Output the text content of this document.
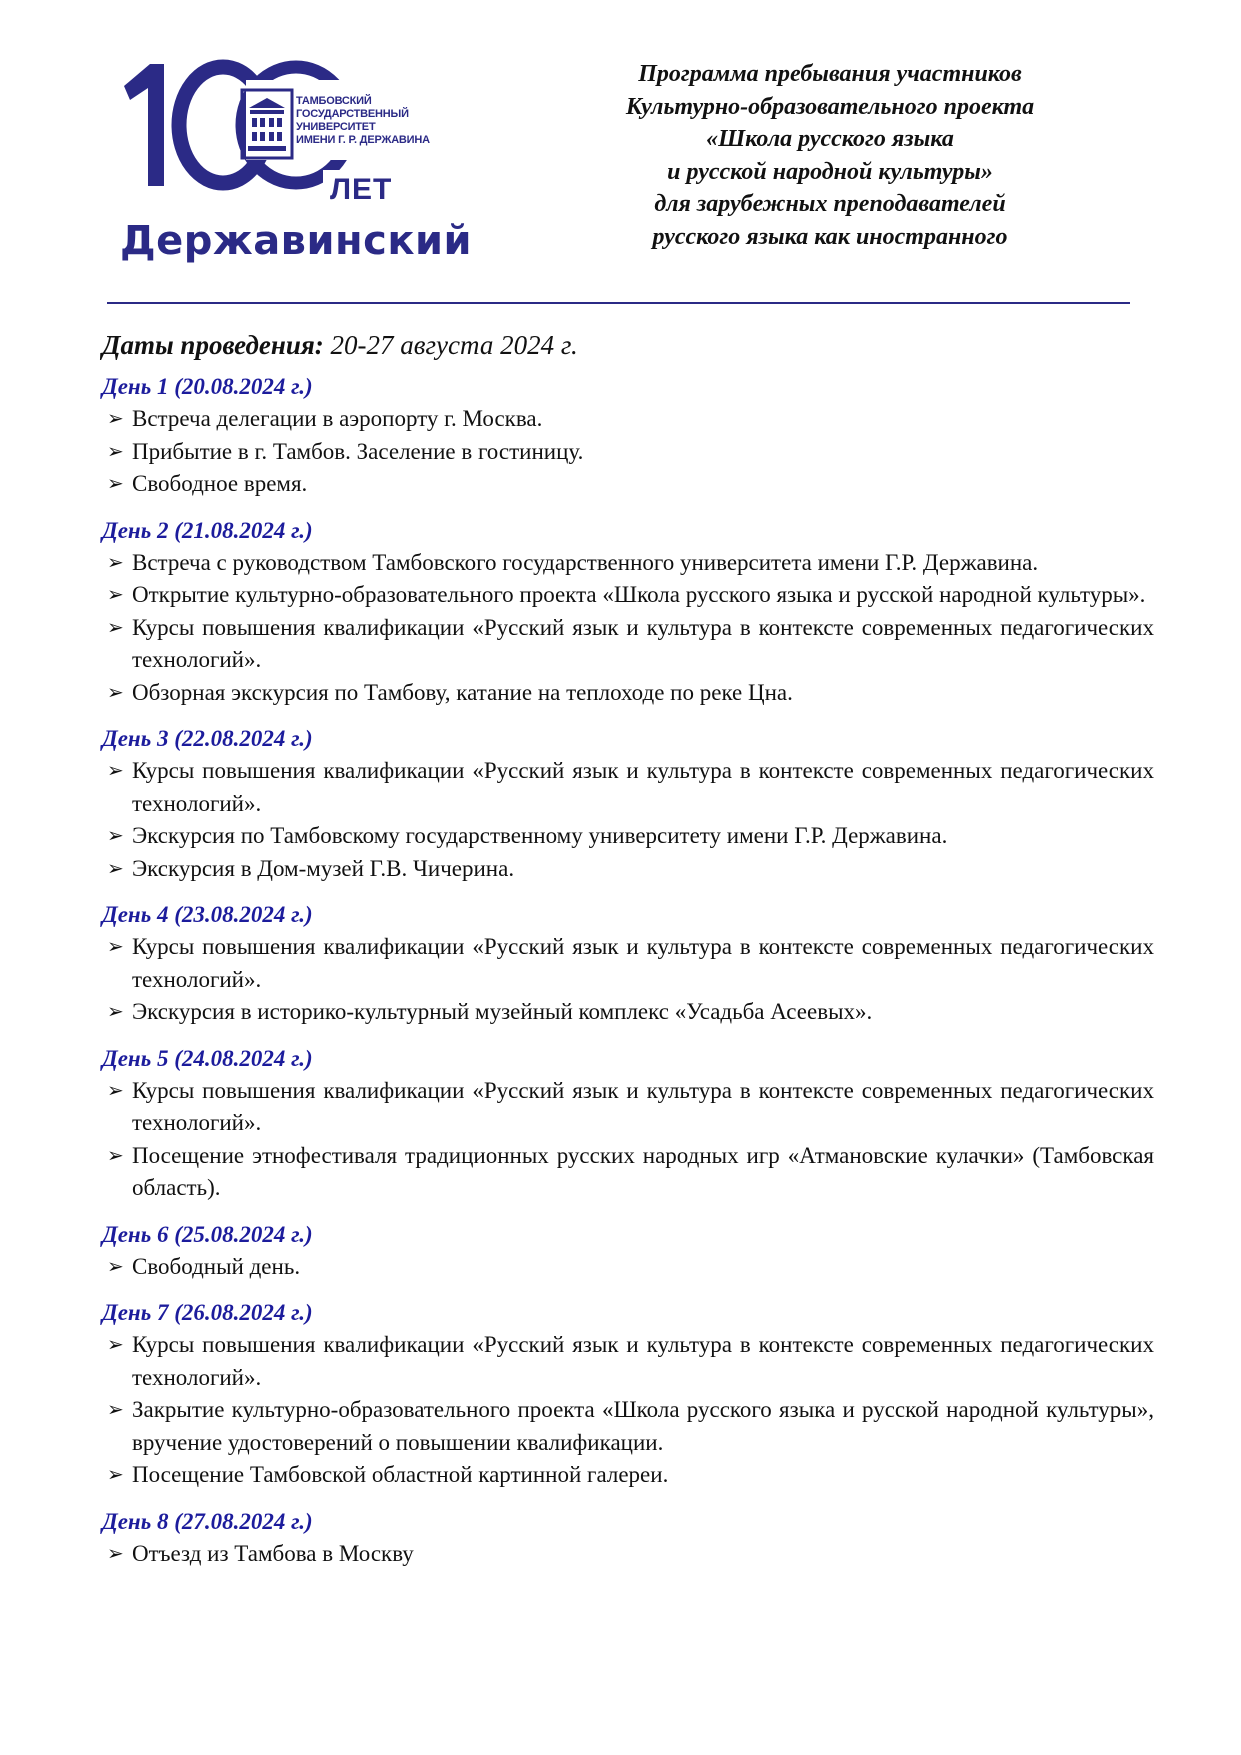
ТАМБОВСКИЙ
ГОСУДАРСТВЕННЫЙ
УНИВЕРСИТЕТ
ИМЕНИ Г. Р. ДЕРЖАВИНА
ЛЕТ
Державинский
Программа пребывания участников
Культурно-образовательного проекта
«Школа русского языка
и русской народной культуры»
для зарубежных преподавателей
русского языка как иностранного
Даты проведения: 20-27 августа 2024 г.
День 1 (20.08.2024 г.)
➢ Встреча делегации в аэропорту г. Москва.
➢ Прибытие в г. Тамбов. Заселение в гостиницу.
➢ Свободное время.
День 2 (21.08.2024 г.)
➢ Встреча с руководством Тамбовского государственного университета имени Г.Р. Державина.
➢ Открытие культурно-образовательного проекта «Школа русского языка и русской народной культуры».
➢ Курсы повышения квалификации «Русский язык и культура в контексте современных педагогических технологий».
➢ Обзорная экскурсия по Тамбову, катание на теплоходе по реке Цна.
День 3 (22.08.2024 г.)
➢ Курсы повышения квалификации «Русский язык и культура в контексте современных педагогических технологий».
➢ Экскурсия по Тамбовскому государственному университету имени Г.Р. Державина.
➢ Экскурсия в Дом-музей Г.В. Чичерина.
День 4 (23.08.2024 г.)
➢ Курсы повышения квалификации «Русский язык и культура в контексте современных педагогических технологий».
➢ Экскурсия в историко-культурный музейный комплекс «Усадьба Асеевых».
День 5 (24.08.2024 г.)
➢ Курсы повышения квалификации «Русский язык и культура в контексте современных педагогических технологий».
➢ Посещение этнофестиваля традиционных русских народных игр «Атмановские кулачки» (Тамбовская область).
День 6 (25.08.2024 г.)
➢ Свободный день.
День 7 (26.08.2024 г.)
➢ Курсы повышения квалификации «Русский язык и культура в контексте современных педагогических технологий».
➢ Закрытие культурно-образовательного проекта «Школа русского языка и русской народной культуры», вручение удостоверений о повышении квалификации.
➢ Посещение Тамбовской областной картинной галереи.
День 8 (27.08.2024 г.)
➢ Отъезд из Тамбова в Москву
